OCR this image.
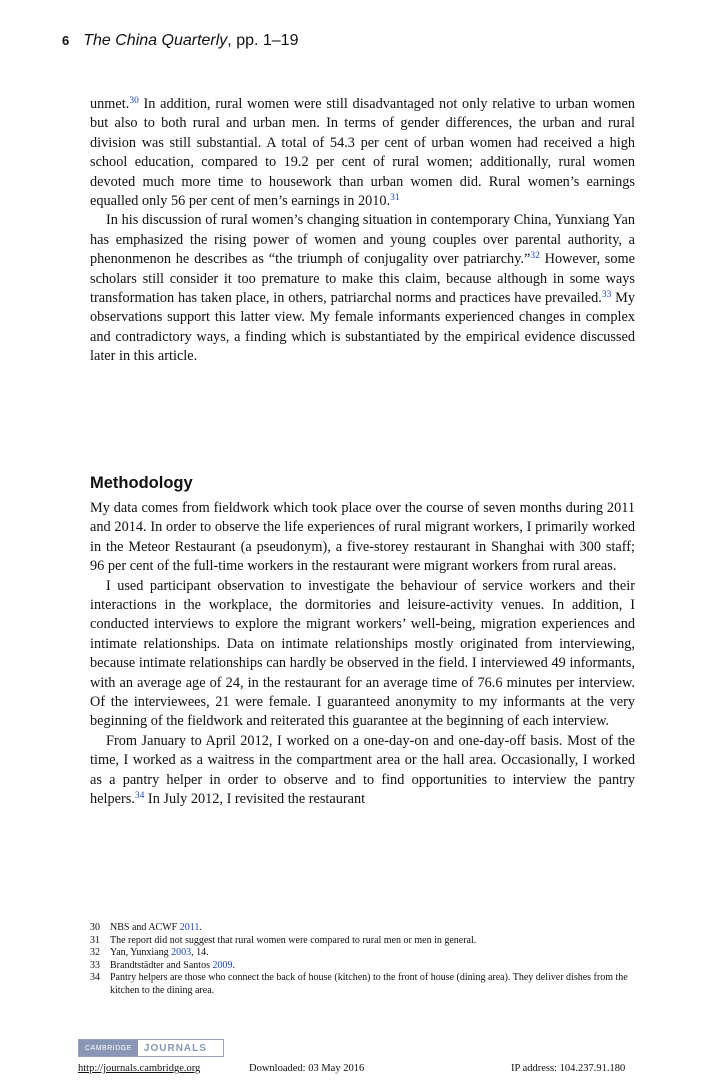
6 The China Quarterly, pp. 1–19

unmet.$^{30}$ In addition, rural women were still disadvantaged not only relative to urban women but also to both rural and urban men. In terms of gender differences, the urban and rural division was still substantial. A total of 54.3 per cent of urban women had received a high school education, compared to 19.2 per cent of rural women; additionally, rural women devoted much more time to housework than urban women did. Rural women’s earnings equalled only 56 per cent of men’s earnings in 2010.31

In his discussion of rural women’s changing situation in contemporary China, Yunxiang Yan has emphasized the rising power of women and young couples over parental authority, a phenonmenon he describes as “the triumph of conjugality over patriarchy.”$^{32}$ However, some scholars still consider it too premature to make this claim, because although in some ways transformation has taken place, in others, patriarchal norms and practices have prevailed.$^{33}$ My observations support this latter view. My female informants experienced changes in complex and contradictory ways, a finding which is substantiated by the empirical evidence discussed later in this article.

Methodology

My data comes from fieldwork which took place over the course of seven months during 2011 and 2014. In order to observe the life experiences of rural migrant workers, I primarily worked in the Meteor Restaurant (a pseudonym), a five-storey restaurant in Shanghai with 300 staff; 96 per cent of the full-time workers in the restaurant were migrant workers from rural areas.

I used participant observation to investigate the behaviour of service workers and their interactions in the workplace, the dormitories and leisure-activity venues. In addition, I conducted interviews to explore the migrant workers’ well-being, migration experiences and intimate relationships. Data on intimate relationships mostly originated from interviewing, because intimate relationships can hardly be observed in the field. I interviewed 49 informants, with an average age of 24, in the restaurant for an average time of 76.6 minutes per interview. Of the interviewees, 21 were female. I guaranteed anonymity to my informants at the very beginning of the fieldwork and reiterated this guarantee at the beginning of each interview.

From January to April 2012, I worked on a one-day-on and one-day-off basis. Most of the time, I worked as a waitress in the compartment area or the hall area. Occasionally, I worked as a pantry helper in order to observe and to find opportunities to interview the pantry helpers.$^{34}$ In July 2012, I revisited the restaurant

30	NBS and ACWF 2011.
31	The report did not suggest that rural women were compared to rural men or men in general.
32	Yan, Yunxiang 2003, 14.
33	Brandtstädter and Santos 2009.
34	Pantry helpers are those who connect the back of house (kitchen) to the front of house (dining area). They deliver dishes from the kitchen to the dining area.
CAMBRIDGE	JOURNALS
http://journals.cambridge.org	Downloaded: 03 May 2016	IP address: 104.237.91.180
